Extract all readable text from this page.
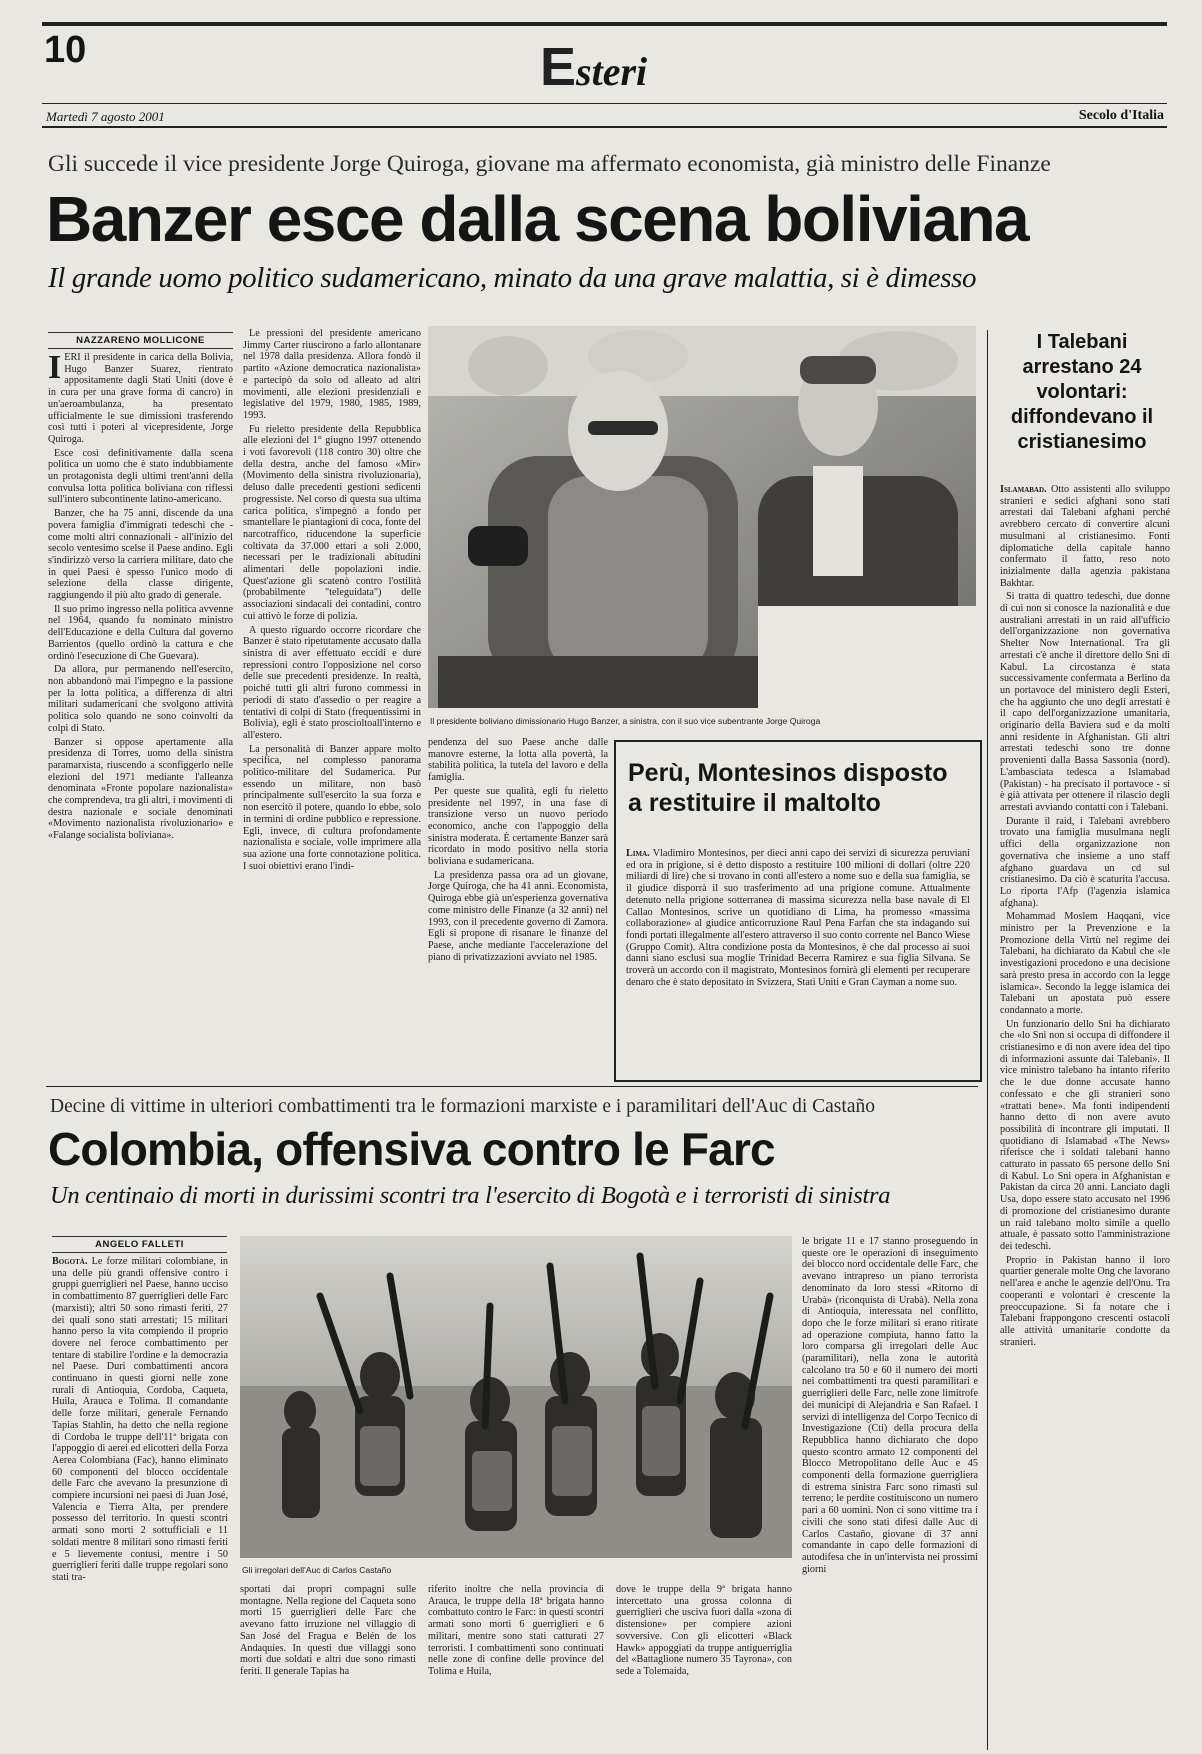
10	Esteri
Martedì 7 agosto 2001	Secolo d'Italia
Gli succede il vice presidente Jorge Quiroga, giovane ma affermato economista, già ministro delle Finanze
Banzer esce dalla scena boliviana
Il grande uomo politico sudamericano, minato da una grave malattia, si è dimesso
NAZZARENO MOLLICONE
I ERI il presidente in carica della Bolivia, Hugo Banzer Suarez, rientrato appositamente dagli Stati Uniti (dove è in cura per una grave forma di cancro) in un'aeroambulanza, ha presentato ufficialmente le sue dimissioni trasferendo così tutti i poteri al vicepresidente, Jorge Quiroga.

Esce così definitivamente dalla scena politica un uomo che è stato indubbiamente un protagonista degli ultimi trent'anni della convulsa lotta politica boliviana con riflessi sull'intero subcontinente latino-americano.

Banzer, che ha 75 anni, discende da una povera famiglia d'immigrati tedeschi che - come molti altri connazionali - all'inizio del secolo ventesimo scelse il Paese andino. Egli s'indirizzò verso la carriera militare, dato che in quei Paesi è spesso l'unico modo di selezione della classe dirigente, raggiungendo il più alto grado di generale.

Il suo primo ingresso nella politica avvenne nel 1964, quando fu nominato ministro dell'Educazione e della Cultura dal governo Barrientos (quello ordinò la cattura e che ordinò l'esecuzione di Che Guevara).

Da allora, pur permanendo nell'esercito, non abbandonò mai l'impegno e la passione per la lotta politica, a differenza di altri militari sudamericani che svolgono attività politica solo quando ne sono coinvolti da colpi di Stato.

Banzer si oppose apertamente alla presidenza di Torres, uomo della sinistra paramarxista, riuscendo a sconfiggerlo nelle elezioni del 1971 mediante l'alleanza denominata «Fronte popolare nazionalista» che comprendeva, tra gli altri, i movimenti di destra nazionale e sociale denominati «Movimento nazionalista rivoluzionario» e «Falange socialista boliviana».

Le pressioni del presidente americano Jimmy Carter riuscirono a farlo allontanare nel 1978 dalla presidenza. Allora fondò il partito «Azione democratica nazionalista» e partecipò da solo od alleato ad altri movimenti, alle elezioni presidenziali e legislative del 1979, 1980, 1985, 1989, 1993.

Fu rieletto presidente della Repubblica alle elezioni del 1° giugno 1997 ottenendo i voti favorevoli (118 contro 30) oltre che della destra, anche del famoso «Mir» (Movimento della sinistra rivoluzionaria), deluso dalle precedenti gestioni sedicenti progressiste. Nel corso di questa sua ultima carica politica, s'impegnò a fondo per smantellare le piantagioni di coca, fonte del narcotraffico, riducendone la superficie coltivata da 37.000 ettari a soli 2.000, necessari per le tradizionali abitudini alimentari delle popolazioni indie. Quest'azione gli scatenò contro l'ostilità (probabilmente "teleguidata") delle associazioni sindacali dei contadini, contro cui attivò le forze di polizia.

A questo riguardo occorre ricordare che Banzer è stato ripetutamente accusato dalla sinistra di aver effettuato eccidi e dure repressioni contro l'opposizione nel corso delle sue precedenti presidenze. In realtà, poiché tutti gli altri furono commessi in periodi di stato d'assedio o per reagire a tentativi di colpi di Stato (frequentissimi in Bolivia), egli è stato proscioltoall'interno e all'estero.

La personalità di Banzer appare molto specifica, nel complesso panorama politico-militare del Sudamerica. Pur essendo un militare, non basò principalmente sull'esercito la sua forza e non esercitò il potere, quando lo ebbe, solo in termini di ordine pubblico e repressione. Egli, invece, di cultura profondamente nazionalista e sociale, volle imprimere alla sua azione una forte connotazione politica. I suoi obiettivi erano l'indi-

Il presidente boliviano dimissionario Hugo Banzer, a sinistra, con il suo vice subentrante Jorge Quiroga

pendenza del suo Paese anche dalle manovre esterne, la lotta alla povertà, la stabilità politica, la tutela del lavoro e della famiglia.

Per queste sue qualità, egli fu rieletto presidente nel 1997, in una fase di transizione verso un nuovo periodo economico, anche con l'appoggio della sinistra moderata. È certamente Banzer sarà ricordato in modo positivo nella storia boliviana e sudamericana.

La presidenza passa ora ad un giovane, Jorge Quiroga, che ha 41 anni. Economista, Quiroga ebbe già un'esperienza governativa come ministro delle Finanze (a 32 anni) nel 1993, con il precedente governo di Zamora. Egli si propone di risanare le finanze del Paese, anche mediante l'accelerazione del piano di privatizzazioni avviato nel 1985.

Perù, Montesinos disposto a restituire il maltolto

Lima. Vladimiro Montesinos, per dieci anni capo dei servizi di sicurezza peruviani ed ora in prigione, si è detto disposto a restituire 100 milioni di dollari (oltre 220 miliardi di lire) che si trovano in conti all'estero a nome suo e della sua famiglia, se il giudice disporrà il suo trasferimento ad una prigione comune. Attualmente detenuto nella prigione sotterranea di massima sicurezza nella base navale di El Callao Montesinos, scrive un quotidiano di Lima, ha promesso «massima collaborazione» al giudice anticorruzione Raul Pena Farfan che sta indagando sui fondi portati illegalmente all'estero attraverso il suo conto corrente nel Banco Wiese (Gruppo Comit). Altra condizione posta da Montesinos, è che dal processo ai suoi danni siano esclusi sua moglie Trinidad Becerra Ramirez e sua figlia Silvana. Se troverà un accordo con il magistrato, Montesinos fornirà gli elementi per recuperare denaro che è stato depositato in Svizzera, Stati Uniti e Gran Cayman a nome suo.

I Talebani arrestano 24 volontari: diffondevano il cristianesimo

Islamabad. Otto assistenti allo sviluppo stranieri e sedici afghani sono stati arrestati dai Talebani afghani perché avrebbero cercato di convertire alcuni musulmani al cristianesimo. Fonti diplomatiche della capitale hanno confermato il fatto, reso noto inizialmente dalla agenzia pakistana Bakhtar.

Si tratta di quattro tedeschi, due donne di cui non si conosce la nazionalità e due australiani arrestati in un raid all'ufficio dell'organizzazione non governativa Shelter Now International. Tra gli arrestati c'è anche il direttore dello Sni di Kabul. La circostanza è stata successivamente confermata a Berlino da un portavoce del ministero degli Esteri, che ha aggiunto che uno degli arrestati è il capo dell'organizzazione umanitaria, originario della Baviera sud e da molti anni residente in Afghanistan. Gli altri arrestati tedeschi sono tre donne provenienti dalla Bassa Sassonia (nord). L'ambasciata tedesca a Islamabad (Pakistan) - ha precisato il portavoce - si è già attivata per ottenere il rilascio degli arrestati avviando contatti con i Talebani.

Durante il raid, i Talebani avrebbero trovato una famiglia musulmana negli uffici della organizzazione non governativa che insieme a uno staff afghano guardava un cd sul cristianesimo. Da ciò è scaturita l'accusa. Lo riporta l'Afp (l'agenzia islamica afghana).

Mohammad Moslem Haqqani, vice ministro per la Prevenzione e la Promozione della Virtù nel regime dei Talebani, ha dichiarato da Kabul che «le investigazioni procedono e una decisione sarà presto presa in accordo con la legge islamica». Secondo la legge islamica dei Talebani un apostata può essere condannato a morte.

Un funzionario dello Sni ha dichiarato che «lo Sni non si occupa di diffondere il cristianesimo e di non avere idea del tipo di informazioni assunte dai Talebani». Il vice ministro talebano ha intanto riferito che le due donne accusate hanno confessato e che gli stranieri sono «trattati bene». Ma fonti indipendenti hanno detto di non avere avuto possibilità di incontrare gli imputati. Il quotidiano di Islamabad «The News» riferisce che i soldati talebani hanno catturato in passato 65 persone dello Sni di Kabul. Lo Sni opera in Afghanistan e Pakistan da circa 20 anni. Lanciato dagli Usa, dopo essere stato accusato nel 1996 di promozione del cristianesimo durante un raid talebano molto simile a quello attuale, è passato sotto l'amministrazione dei tedeschi.

Proprio in Pakistan hanno il loro quartier generale molte Ong che lavorano nell'area e anche le agenzie dell'Onu. Tra cooperanti e volontari è crescente la preoccupazione. Si fa notare che i Talebani frappongono crescenti ostacoli alle attività umanitarie condotte da stranieri.

Decine di vittime in ulteriori combattimenti tra le formazioni marxiste e i paramilitari dell'Auc di Castaño
Colombia, offensiva contro le Farc
Un centinaio di morti in durissimi scontri tra l'esercito di Bogotà e i terroristi di sinistra
ANGELO FALLETI

Bogotà. Le forze militari colombiane, in una delle più grandi offensive contro i gruppi guerriglieri nel Paese, hanno ucciso in combattimento 87 guerriglieri delle Farc (marxisti); altri 50 sono rimasti feriti, 27 dei quali sono stati arrestati; 15 militari hanno perso la vita compiendo il proprio dovere nel feroce combattimento per tentare di stabilire l'ordine e la democrazia nel Paese. Duri combattimenti ancora continuano in questi giorni nelle zone rurali di Antioquia, Cordoba, Caqueta, Huila, Arauca e Tolima. Il comandante delle forze militari, generale Fernando Tapias Stahlin, ha detto che nella regione di Cordoba le truppe dell'11ª brigata con l'appoggio di aerei ed elicotteri della Forza Aerea Colombiana (Fac), hanno eliminato 60 componenti del blocco occidentale delle Farc che avevano la presunzione di compiere incursioni nei paesi di Juan José, Valencia e Tierra Alta, per prendere possesso del territorio. In questi scontri armati sono morti 2 sottufficiali e 11 soldati mentre 8 militari sono rimasti feriti e 5 lievemente contusi, mentre i 50 guerriglieri feriti dalle truppe regolari sono stati tra-

Gli irregolari dell'Auc di Carlos Castaño

sportati dai propri compagni sulle montagne. Nella regione del Caqueta sono morti 15 guerriglieri delle Farc che avevano fatto irruzione nel villaggio di San José del Fragua e Belén de los Andaquíes. In questi due villaggi sono morti due soldati e altri due sono rimasti feriti. Il generale Tapias ha

riferito inoltre che nella provincia di Arauca, le truppe della 18ª brigata hanno combattuto contro le Farc: in questi scontri armati sono morti 6 guerriglieri e 6 militari, mentre sono stati catturati 27 terroristi. I combattimenti sono continuati nelle zone di confine delle province del Tolima e Huila,

dove le truppe della 9ª brigata hanno intercettato una grossa colonna di guerriglieri che usciva fuori dalla «zona di distensione» per compiere azioni sovversive. Con gli elicotteri «Black Hawk» appoggiati da truppe antiguerriglia del «Battaglione numero 35 Tayrona», con sede a Tolemaida,

le brigate 11 e 17 stanno proseguendo in queste ore le operazioni di inseguimento dei blocco nord occidentale delle Farc, che avevano intrapreso un piano terrorista denominato da loro stessi «Ritorno di Urabà» (riconquista di Urabà). Nella zona di Antioquia, interessata nel conflitto, dopo che le forze militari si erano ritirate ad operazione compiuta, hanno fatto la loro comparsa gli irregolari delle Auc (paramilitari), nella zona le autorità calcolano tra 50 e 60 il numero dei morti nei combattimenti tra questi paramilitari e guerriglieri delle Farc, nelle zone limitrofe dei municipi di Alejandria e San Rafael. I servizi di intelligenza del Corpo Tecnico di Investigazione (Cti) della procura della Repubblica hanno dichiarato che dopo questo scontro armato 12 componenti del Blocco Metropolitano delle Auc e 45 componenti della formazione guerrigliera di estrema sinistra Farc sono rimasti sul terreno; le perdite costituiscono un numero pari a 60 uomini. Non ci sono vittime tra i civili che sono stati difesi dalle Auc di Carlos Castaño, giovane di 37 anni comandante in capo delle formazioni di autodifesa che in un'intervista nei prossimi giorni
